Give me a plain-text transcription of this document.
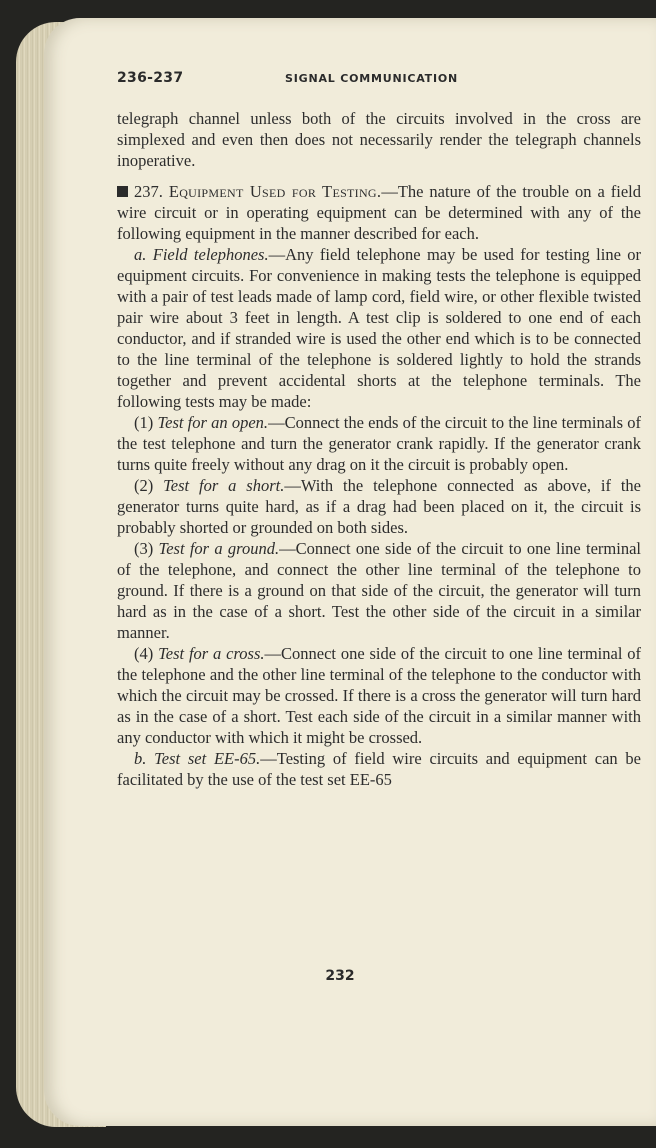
236-237	SIGNAL COMMUNICATION

telegraph channel unless both of the circuits involved in the cross are simplexed and even then does not necessarily render the telegraph channels inoperative.

237. Equipment Used for Testing.—The nature of the trouble on a field wire circuit or in operating equipment can be determined with any of the following equipment in the manner described for each.

a. Field telephones.—Any field telephone may be used for testing line or equipment circuits. For convenience in making tests the telephone is equipped with a pair of test leads made of lamp cord, field wire, or other flexible twisted pair wire about 3 feet in length. A test clip is soldered to one end of each conductor, and if stranded wire is used the other end which is to be connected to the line terminal of the telephone is soldered lightly to hold the strands together and prevent accidental shorts at the telephone terminals. The following tests may be made:

(1) Test for an open.—Connect the ends of the circuit to the line terminals of the test telephone and turn the generator crank rapidly. If the generator crank turns quite freely without any drag on it the circuit is probably open.

(2) Test for a short.—With the telephone connected as above, if the generator turns quite hard, as if a drag had been placed on it, the circuit is probably shorted or grounded on both sides.

(3) Test for a ground.—Connect one side of the circuit to one line terminal of the telephone, and connect the other line terminal of the telephone to ground. If there is a ground on that side of the circuit, the generator will turn hard as in the case of a short. Test the other side of the circuit in a similar manner.

(4) Test for a cross.—Connect one side of the circuit to one line terminal of the telephone and the other line terminal of the telephone to the conductor with which the circuit may be crossed. If there is a cross the generator will turn hard as in the case of a short. Test each side of the circuit in a similar manner with any conductor with which it might be crossed.

b. Test set EE-65.—Testing of field wire circuits and equipment can be facilitated by the use of the test set EE-65

232
